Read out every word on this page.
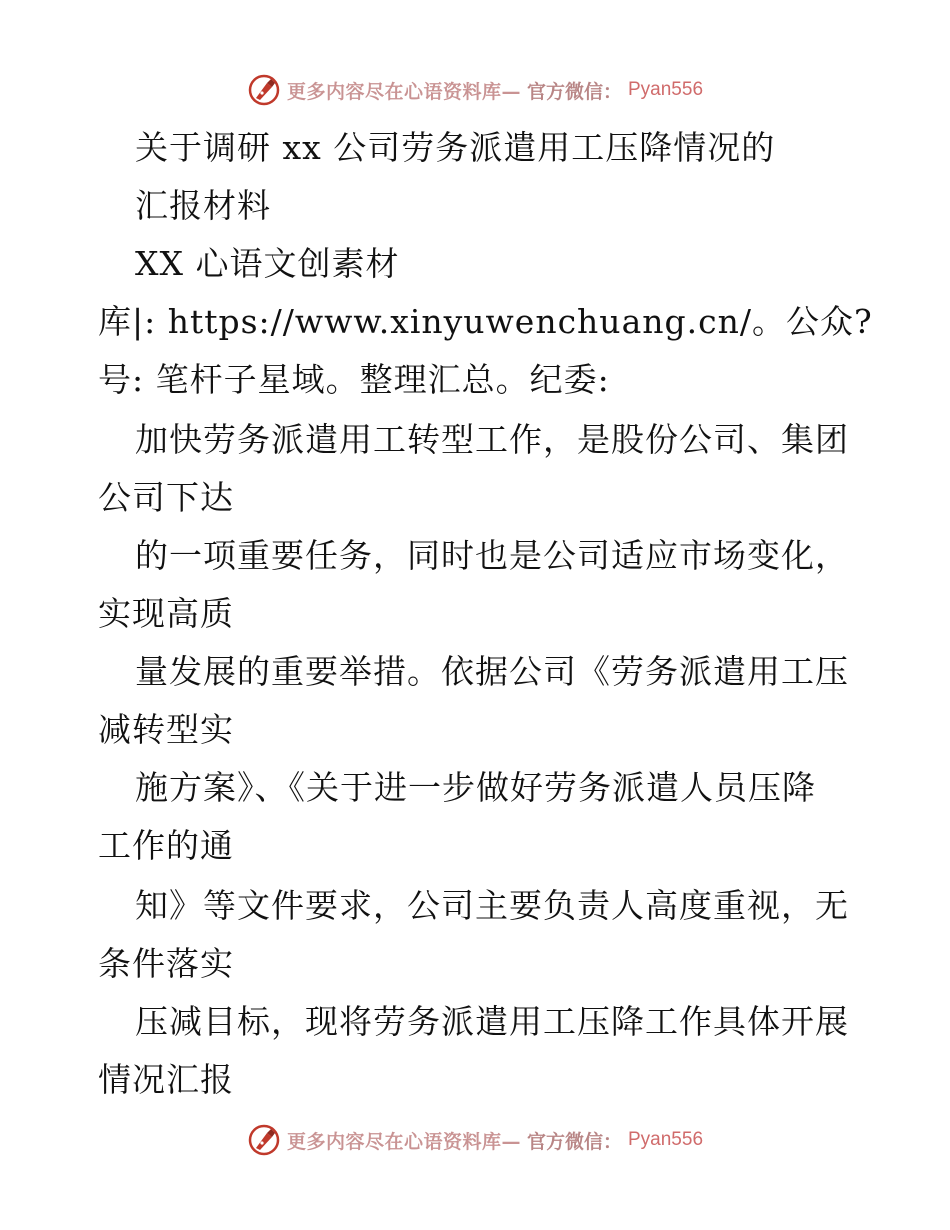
更多内容尽在心语资料库— 官方微信： Pyan556
关于调研 xx 公司劳务派遣用工压降情况的
汇报材料
XX 心语文创素材
库|: https://www.xinyuwenchuang.cn/。公众?
号: 笔杆子星域。整理汇总。纪委:
加快劳务派遣用工转型工作，是股份公司、集团
公司下达
的一项重要任务，同时也是公司适应市场变化，
实现高质
量发展的重要举措。依据公司《劳务派遣用工压
减转型实
施方案》、《关于进一步做好劳务派遣人员压降
工作的通
知》等文件要求，公司主要负责人高度重视，无
条件落实
压减目标，现将劳务派遣用工压降工作具体开展
情况汇报
更多内容尽在心语资料库— 官方微信： Pyan556
